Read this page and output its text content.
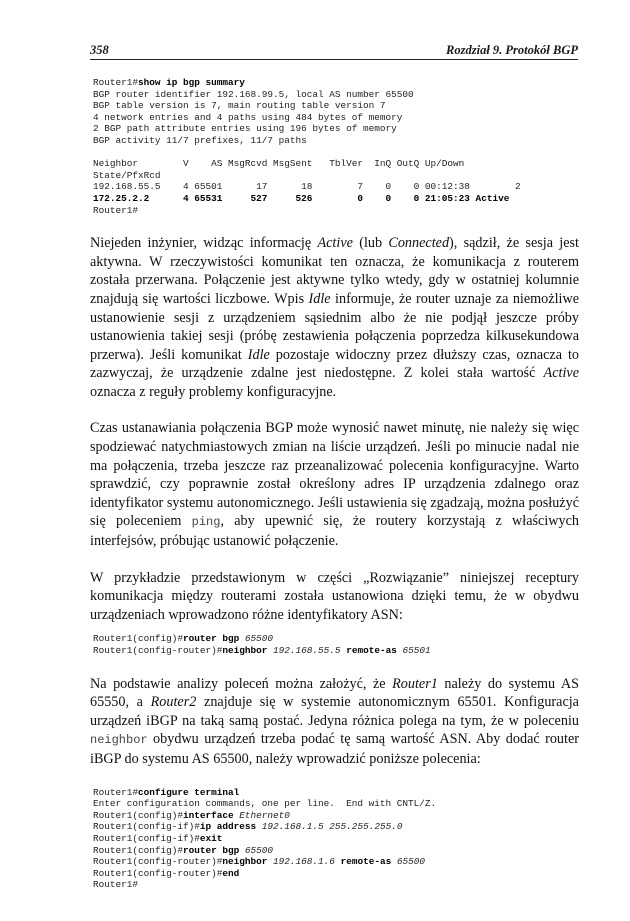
358	Rozdział 9. Protokół BGP
Router1#show ip bgp summary
BGP router identifier 192.168.99.5, local AS number 65500
BGP table version is 7, main routing table version 7
4 network entries and 4 paths using 484 bytes of memory
2 BGP path attribute entries using 196 bytes of memory
BGP activity 11/7 prefixes, 11/7 paths
Neighbor        V    AS MsgRcvd MsgSent   TblVer  InQ OutQ Up/Down
State/PfxRcd
192.168.55.5    4 65501      17      18        7    0    0 00:12:38        2
172.25.2.2      4 65531     527     526        0    0    0 21:05:23 Active
Router1#
Niejeden inżynier, widząc informację Active (lub Connected), sądził, że sesja jest aktywna. W rzeczywistości komunikat ten oznacza, że komunikacja z routerem została przerwana. Połączenie jest aktywne tylko wtedy, gdy w ostatniej kolumnie znajdują się wartości liczbowe. Wpis Idle informuje, że router uznaje za niemożliwe ustanowienie sesji z urządzeniem sąsiednim albo że nie podjął jeszcze próby ustanowienia takiej sesji (próbę zestawienia połączenia poprzedza kilkusekundowa przerwa). Jeśli komunikat Idle pozostaje widoczny przez dłuższy czas, oznacza to zazwyczaj, że urządzenie zdalne jest niedostępne. Z kolei stała wartość Active oznacza z reguły problemy konfiguracyjne.
Czas ustanawiania połączenia BGP może wynosić nawet minutę, nie należy się więc spodziewać natychmiastowych zmian na liście urządzeń. Jeśli po minucie nadal nie ma połączenia, trzeba jeszcze raz przeanalizować polecenia konfiguracyjne. Warto sprawdzić, czy poprawnie został określony adres IP urządzenia zdalnego oraz identyfikator systemu autonomicznego. Jeśli ustawienia się zgadzają, można posłużyć się poleceniem ping, aby upewnić się, że routery korzystają z właściwych interfejsów, próbując ustanowić połączenie.
W przykładzie przedstawionym w części „Rozwiązanie” niniejszej receptury komunikacja między routerami została ustanowiona dzięki temu, że w obydwu urządzeniach wprowadzono różne identyfikatory ASN:
Router1(config)#router bgp 65500
Router1(config-router)#neighbor 192.168.55.5 remote-as 65501
Na podstawie analizy poleceń można założyć, że Router1 należy do systemu AS 65550, a Router2 znajduje się w systemie autonomicznym 65501. Konfiguracja urządzeń iBGP na taką samą postać. Jedyna różnica polega na tym, że w poleceniu neighbor obydwu urządzeń trzeba podać tę samą wartość ASN. Aby dodać router iBGP do systemu AS 65500, należy wprowadzić poniższe polecenia:
Router1#configure terminal
Enter configuration commands, one per line.  End with CNTL/Z.
Router1(config)#interface Ethernet0
Router1(config-if)#ip address 192.168.1.5 255.255.255.0
Router1(config-if)#exit
Router1(config)#router bgp 65500
Router1(config-router)#neighbor 192.168.1.6 remote-as 65500
Router1(config-router)#end
Router1#
